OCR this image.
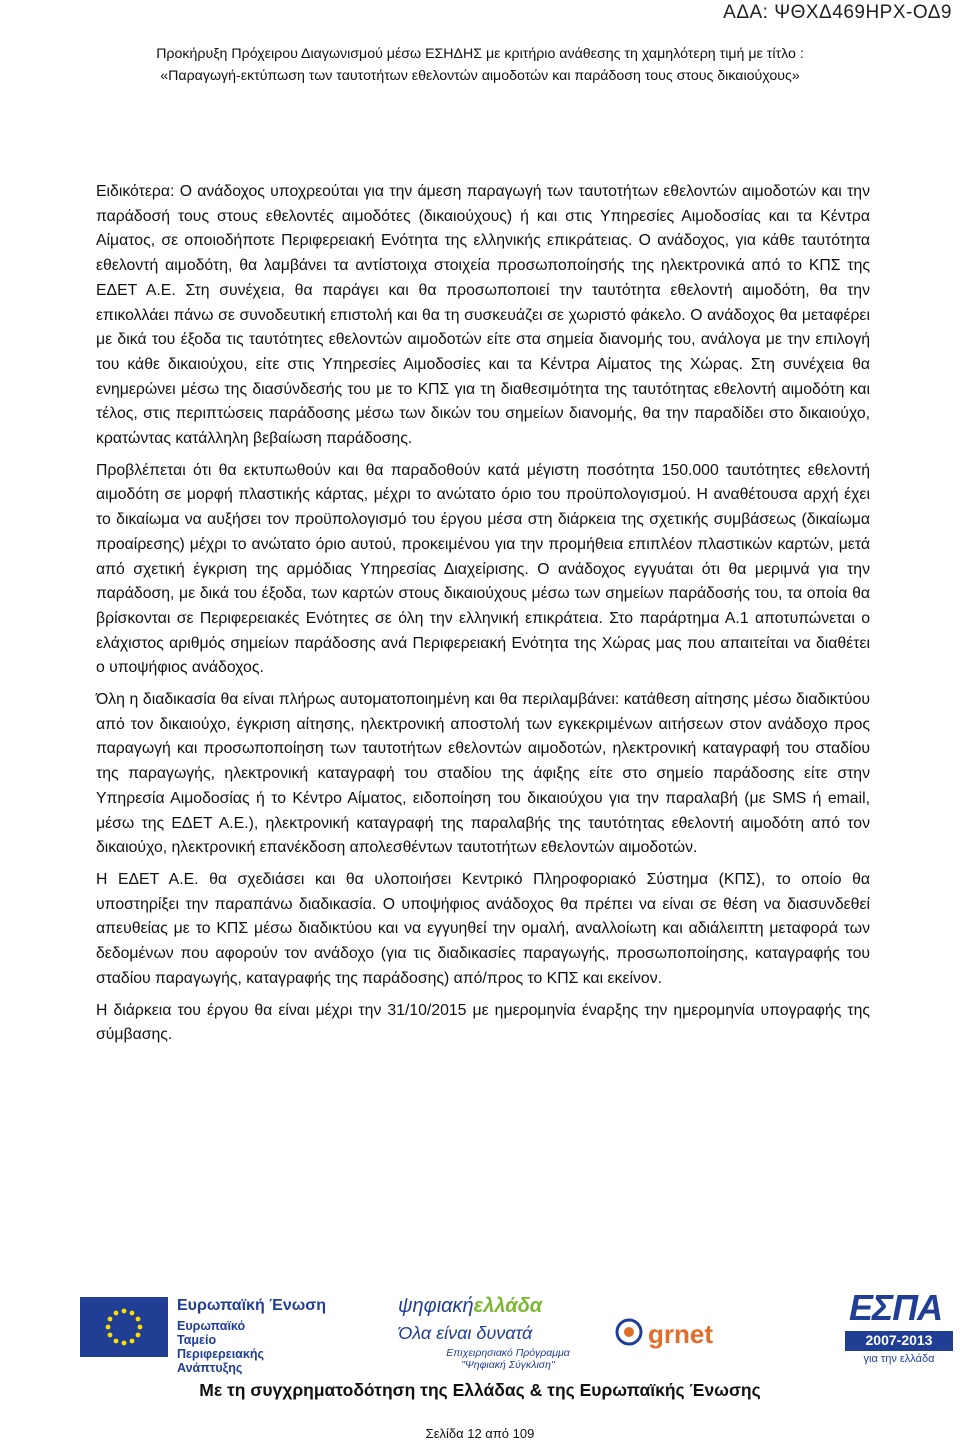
ΑΔΑ: ΨΘΧΔ469ΗΡΧ-ΟΔ9
Προκήρυξη Πρόχειρου Διαγωνισμού μέσω ΕΣΗΔΗΣ με κριτήριο ανάθεσης τη χαμηλότερη τιμή με τίτλο :
«Παραγωγή-εκτύπωση των ταυτοτήτων εθελοντών αιμοδοτών και παράδοση τους στους δικαιούχους»

Ειδικότερα: Ο ανάδοχος υποχρεούται για την άμεση παραγωγή των ταυτοτήτων εθελοντών αιμοδοτών και την παράδοσή τους στους εθελοντές αιμοδότες (δικαιούχους) ή και στις Υπηρεσίες Αιμοδοσίας και τα Κέντρα Αίματος, σε οποιοδήποτε Περιφερειακή Ενότητα της ελληνικής επικράτειας. Ο ανάδοχος, για κάθε ταυτότητα εθελοντή αιμοδότη, θα λαμβάνει τα αντίστοιχα στοιχεία προσωποποίησής της ηλεκτρονικά από το ΚΠΣ της ΕΔΕΤ Α.Ε. Στη συνέχεια, θα παράγει και θα προσωποποιεί την ταυτότητα εθελοντή αιμοδότη, θα την επικολλάει πάνω σε συνοδευτική επιστολή και θα τη συσκευάζει σε χωριστό φάκελο. Ο ανάδοχος θα μεταφέρει με δικά του έξοδα τις ταυτότητες εθελοντών αιμοδοτών είτε στα σημεία διανομής του, ανάλογα με την επιλογή του κάθε δικαιούχου, είτε στις Υπηρεσίες Αιμοδοσίες και τα Κέντρα Αίματος της Χώρας. Στη συνέχεια θα ενημερώνει μέσω της διασύνδεσής του με το ΚΠΣ για τη διαθεσιμότητα της ταυτότητας εθελοντή αιμοδότη και τέλος, στις περιπτώσεις παράδοσης μέσω των δικών του σημείων διανομής, θα την παραδίδει στο δικαιούχο, κρατώντας κατάλληλη βεβαίωση παράδοσης.

Προβλέπεται ότι θα εκτυπωθούν και θα παραδοθούν κατά μέγιστη ποσότητα 150.000 ταυτότητες εθελοντή αιμοδότη σε μορφή πλαστικής κάρτας, μέχρι το ανώτατο όριο του προϋπολογισμού. Η αναθέτουσα αρχή έχει το δικαίωμα να αυξήσει τον προϋπολογισμό του έργου μέσα στη διάρκεια της σχετικής συμβάσεως (δικαίωμα προαίρεσης) μέχρι το ανώτατο όριο αυτού, προκειμένου για την προμήθεια επιπλέον πλαστικών καρτών, μετά από σχετική έγκριση της αρμόδιας Υπηρεσίας Διαχείρισης. Ο ανάδοχος εγγυάται ότι θα μεριμνά για την παράδοση, με δικά του έξοδα, των καρτών στους δικαιούχους μέσω των σημείων παράδοσής του, τα οποία θα βρίσκονται σε Περιφερειακές Ενότητες σε όλη την ελληνική επικράτεια. Στο παράρτημα Α.1 αποτυπώνεται ο ελάχιστος αριθμός σημείων παράδοσης ανά Περιφερειακή Ενότητα της Χώρας μας που απαιτείται να διαθέτει ο υποψήφιος ανάδοχος.

Όλη η διαδικασία θα είναι πλήρως αυτοματοποιημένη και θα περιλαμβάνει: κατάθεση αίτησης μέσω διαδικτύου από τον δικαιούχο, έγκριση αίτησης, ηλεκτρονική αποστολή των εγκεκριμένων αιτήσεων στον ανάδοχο προς παραγωγή και προσωποποίηση των ταυτοτήτων εθελοντών αιμοδοτών, ηλεκτρονική καταγραφή του σταδίου της παραγωγής, ηλεκτρονική καταγραφή του σταδίου της άφιξης είτε στο σημείο παράδοσης είτε στην Υπηρεσία Αιμοδοσίας ή το Κέντρο Αίματος, ειδοποίηση του δικαιούχου για την παραλαβή (με SMS ή email, μέσω της ΕΔΕΤ Α.Ε.), ηλεκτρονική καταγραφή της παραλαβής της ταυτότητας εθελοντή αιμοδότη από τον δικαιούχο, ηλεκτρονική επανέκδοση απολεσθέντων ταυτοτήτων εθελοντών αιμοδοτών.

Η ΕΔΕΤ Α.Ε. θα σχεδιάσει και θα υλοποιήσει Κεντρικό Πληροφοριακό Σύστημα (ΚΠΣ), το οποίο θα υποστηρίξει την παραπάνω διαδικασία. Ο υποψήφιος ανάδοχος θα πρέπει να είναι σε θέση να διασυνδεθεί απευθείας με το ΚΠΣ μέσω διαδικτύου και να εγγυηθεί την ομαλή, αναλλοίωτη και αδιάλειπτη μεταφορά των δεδομένων που αφορούν τον ανάδοχο (για τις διαδικασίες παραγωγής, προσωποποίησης, καταγραφής του σταδίου παραγωγής, καταγραφής της παράδοσης) από/προς το ΚΠΣ και εκείνον.

Η διάρκεια του έργου θα είναι μέχρι την 31/10/2015 με ημερομηνία έναρξης την ημερομηνία υπογραφής της σύμβασης.

Ευρωπαϊκή Ένωση
Ευρωπαϊκό Ταμείο Περιφερειακής Ανάπτυξης
ψηφιακήελλάδα
Όλα είναι δυνατά
Επιχειρησιακό Πρόγραμμα "Ψηφιακή Σύγκλιση"
grnet
ΕΣΠΑ
2007-2013
για την ελλάδα
Με τη συγχρηματοδότηση της Ελλάδας & της Ευρωπαϊκής Ένωσης
Σελίδα 12 από 109
